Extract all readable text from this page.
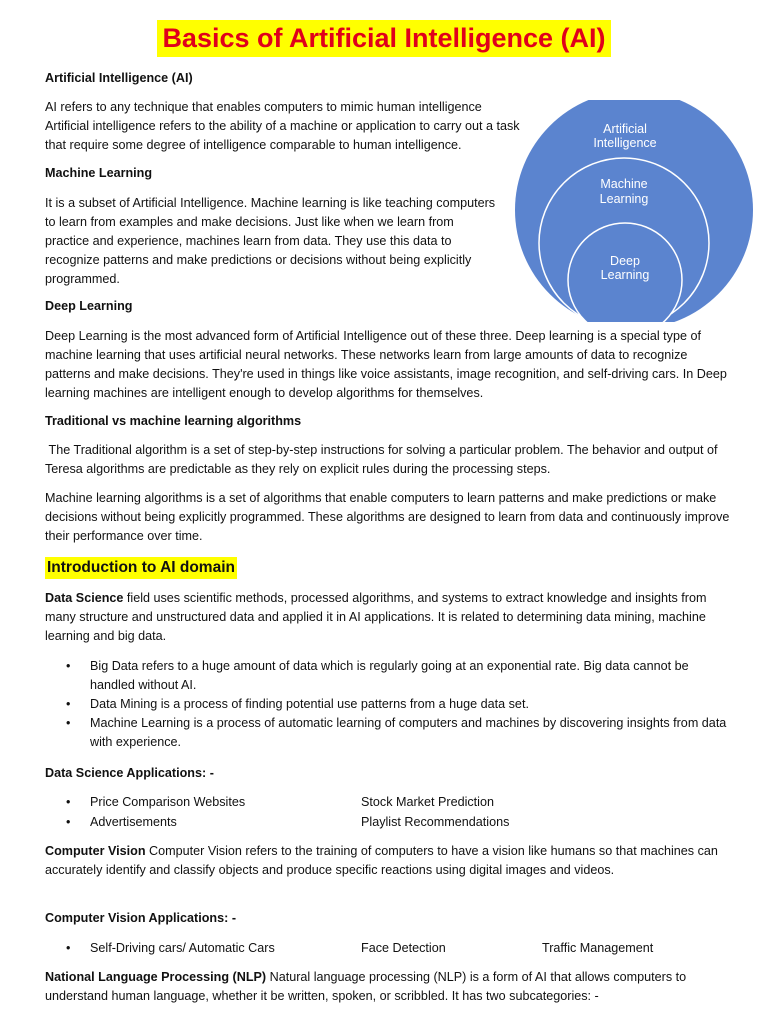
Basics of Artificial Intelligence (AI)
Artificial Intelligence (AI)
AI refers to any technique that enables computers to mimic human intelligence
Artificial intelligence refers to the ability of a machine or application to carry out a task that require some degree of intelligence comparable to human intelligence.
Machine Learning
It is a subset of Artificial Intelligence. Machine learning is like teaching computers to learn from examples and make decisions. Just like when we learn from practice and experience, machines learn from data. They use this data to recognize patterns and make predictions or decisions without being explicitly programmed.
Artificial
Intelligence
Machine
Learning
Deep
Learning
Deep Learning
Deep Learning is the most advanced form of Artificial Intelligence out of these three. Deep learning is a special type of machine learning that uses artificial neural networks. These networks learn from large amounts of data to recognize patterns and make decisions. They're used in things like voice assistants, image recognition, and self-driving cars. In Deep learning machines are intelligent enough to develop algorithms for themselves.
Traditional vs machine learning algorithms
The Traditional algorithm is a set of step-by-step instructions for solving a particular problem. The behavior and output of Teresa algorithms are predictable as they rely on explicit rules during the processing steps.
Machine learning algorithms is a set of algorithms that enable computers to learn patterns and make predictions or make decisions without being explicitly programmed. These algorithms are designed to learn from data and continuously improve their performance over time.
Introduction to AI domain
Data Science field uses scientific methods, processed algorithms, and systems to extract knowledge and insights from many structure and unstructured data and applied it in AI applications. It is related to determining data mining, machine learning and big data.
• Big Data refers to a huge amount of data which is regularly going at an exponential rate. Big data cannot be handled without AI.
• Data Mining is a process of finding potential use patterns from a huge data set.
• Machine Learning is a process of automatic learning of computers and machines by discovering insights from data with experience.
Data Science Applications: -
• Price Comparison Websites	Stock Market Prediction
• Advertisements	Playlist Recommendations
Computer Vision Computer Vision refers to the training of computers to have a vision like humans so that machines can accurately identify and classify objects and produce specific reactions using digital images and videos.
Computer Vision Applications: -
• Self-Driving cars/ Automatic Cars	Face Detection	Traffic Management
National Language Processing (NLP) Natural language processing (NLP) is a form of AI that allows computers to understand human language, whether it be written, spoken, or scribbled. It has two subcategories: -
